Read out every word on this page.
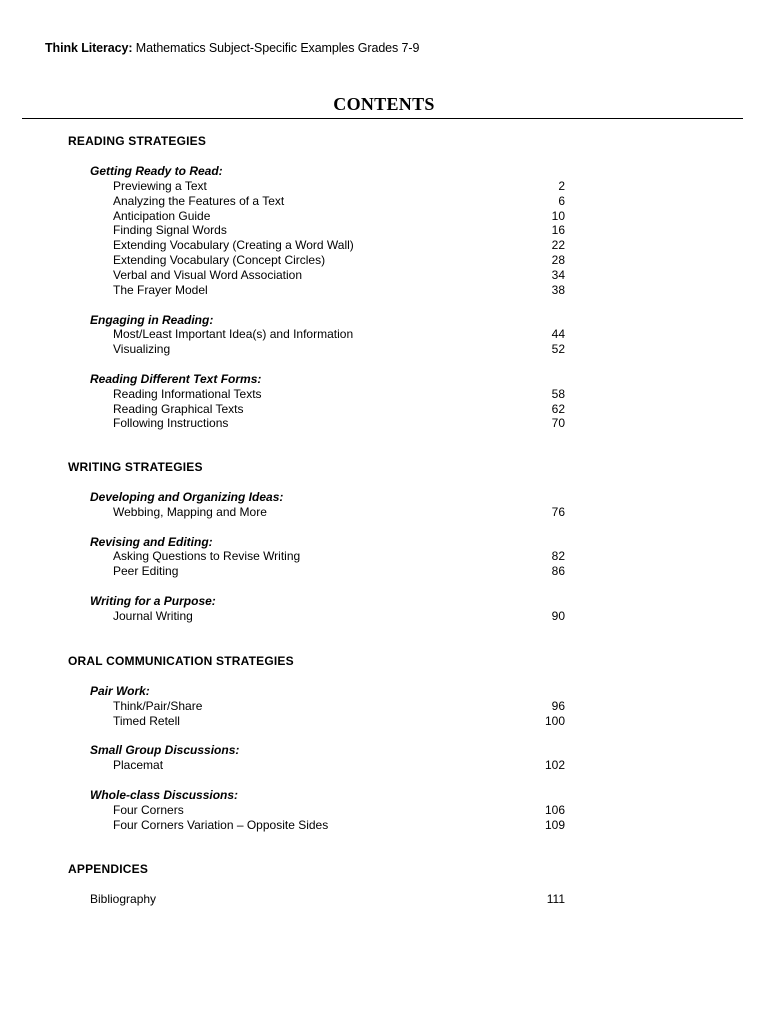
Think Literacy: Mathematics Subject-Specific Examples Grades 7-9
CONTENTS
READING STRATEGIES
Getting Ready to Read:
Previewing a Text	2
Analyzing the Features of a Text	6
Anticipation Guide	10
Finding Signal Words	16
Extending Vocabulary (Creating a Word Wall)	22
Extending Vocabulary (Concept Circles)	28
Verbal and Visual Word Association	34
The Frayer Model	38
Engaging in Reading:
Most/Least Important Idea(s) and Information	44
Visualizing	52
Reading Different Text Forms:
Reading Informational Texts	58
Reading Graphical Texts	62
Following Instructions	70
WRITING STRATEGIES
Developing and Organizing Ideas:
Webbing, Mapping and More	76
Revising and Editing:
Asking Questions to Revise Writing	82
Peer Editing	86
Writing for a Purpose:
Journal Writing	90
ORAL COMMUNICATION STRATEGIES
Pair Work:
Think/Pair/Share	96
Timed Retell	100
Small Group Discussions:
Placemat	102
Whole-class Discussions:
Four Corners	106
Four Corners Variation – Opposite Sides	109
APPENDICES
Bibliography	111
